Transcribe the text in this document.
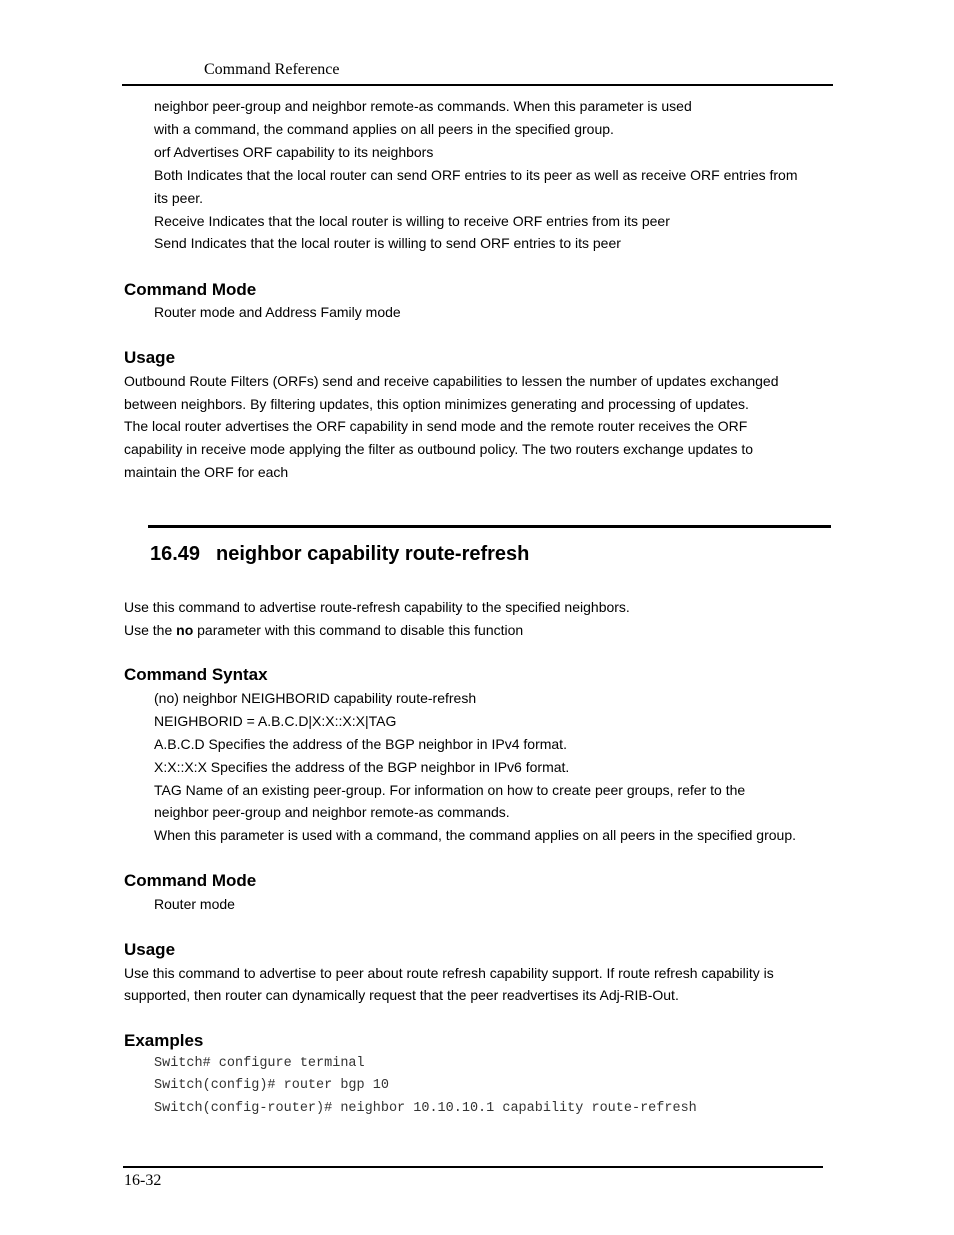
Command Reference
neighbor peer-group and neighbor remote-as commands. When this parameter is used
with a command, the command applies on all peers in the specified group.
orf Advertises ORF capability to its neighbors
Both Indicates that the local router can send ORF entries to its peer as well as receive ORF entries from
its peer.
Receive Indicates that the local router is willing to receive ORF entries from its peer
Send Indicates that the local router is willing to send ORF entries to its peer
Command Mode
Router mode and Address Family mode
Usage
Outbound Route Filters (ORFs) send and receive capabilities to lessen the number of updates exchanged
between neighbors. By filtering updates, this option minimizes generating and processing of updates.
The local router advertises the ORF capability in send mode and the remote router receives the ORF
capability in receive mode applying the filter as outbound policy. The two routers exchange updates to
maintain the ORF for each
16.49 neighbor capability route-refresh
Use this command to advertise route-refresh capability to the specified neighbors.
Use the no parameter with this command to disable this function
Command Syntax
(no) neighbor NEIGHBORID capability route-refresh
NEIGHBORID = A.B.C.D|X:X::X:X|TAG
A.B.C.D Specifies the address of the BGP neighbor in IPv4 format.
X:X::X:X Specifies the address of the BGP neighbor in IPv6 format.
TAG Name of an existing peer-group. For information on how to create peer groups, refer to the
neighbor peer-group and neighbor remote-as commands.
When this parameter is used with a command, the command applies on all peers in the specified group.
Command Mode
Router mode
Usage
Use this command to advertise to peer about route refresh capability support. If route refresh capability is
supported, then router can dynamically request that the peer readvertises its Adj-RIB-Out.
Examples
Switch# configure terminal
Switch(config)# router bgp 10
Switch(config-router)# neighbor 10.10.10.1 capability route-refresh
16-32
